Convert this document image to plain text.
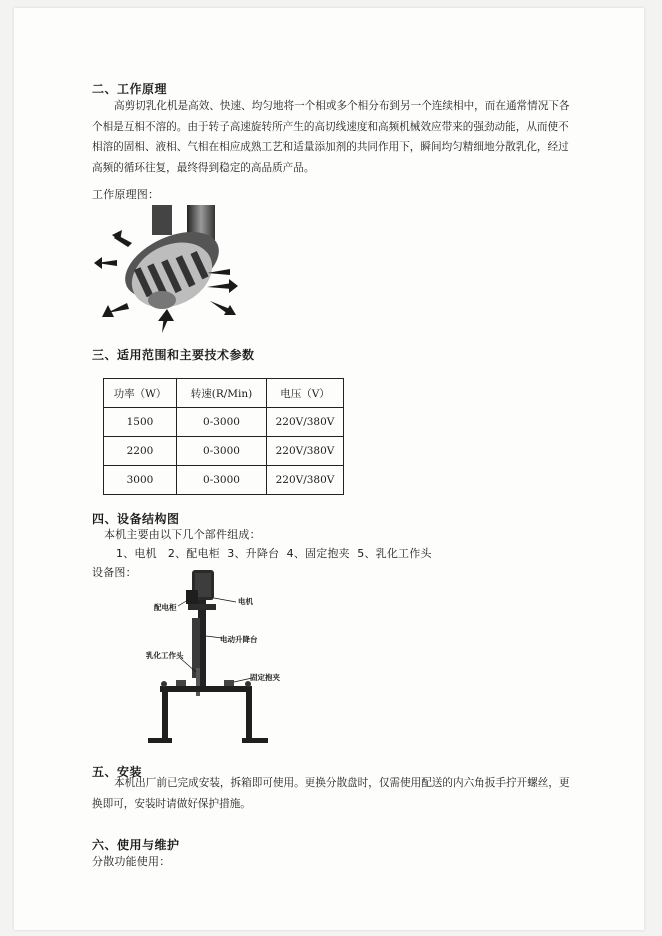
二、工作原理
高剪切乳化机是高效、快速、均匀地将一个相或多个相分布到另一个连续相中，而在通常情况下各个相是互相不溶的。由于转子高速旋转所产生的高切线速度和高频机械效应带来的强劲动能，从而使不相溶的固相、液相、气相在相应成熟工艺和适量添加剂的共同作用下，瞬间均匀精细地分散乳化，经过高频的循环往复，最终得到稳定的高品质产品。
工作原理图：
三、适用范围和主要技术参数
功率（W）	转速(R/Min)	电压（V）
1500	0-3000	220V/380V
2200	0-3000	220V/380V
3000	0-3000	220V/380V
四、设备结构图
本机主要由以下几个部件组成：
1、电机   2、配电柜  3、升降台  4、固定抱夹  5、乳化工作头
设备图：
配电柜
电机
电动升降台
乳化工作头
固定抱夹
五、安装
本机出厂前已完成安装，拆箱即可使用。更换分散盘时，仅需使用配送的内六角扳手拧开螺丝，更换即可，安装时请做好保护措施。
六、使用与维护
分散功能使用：
